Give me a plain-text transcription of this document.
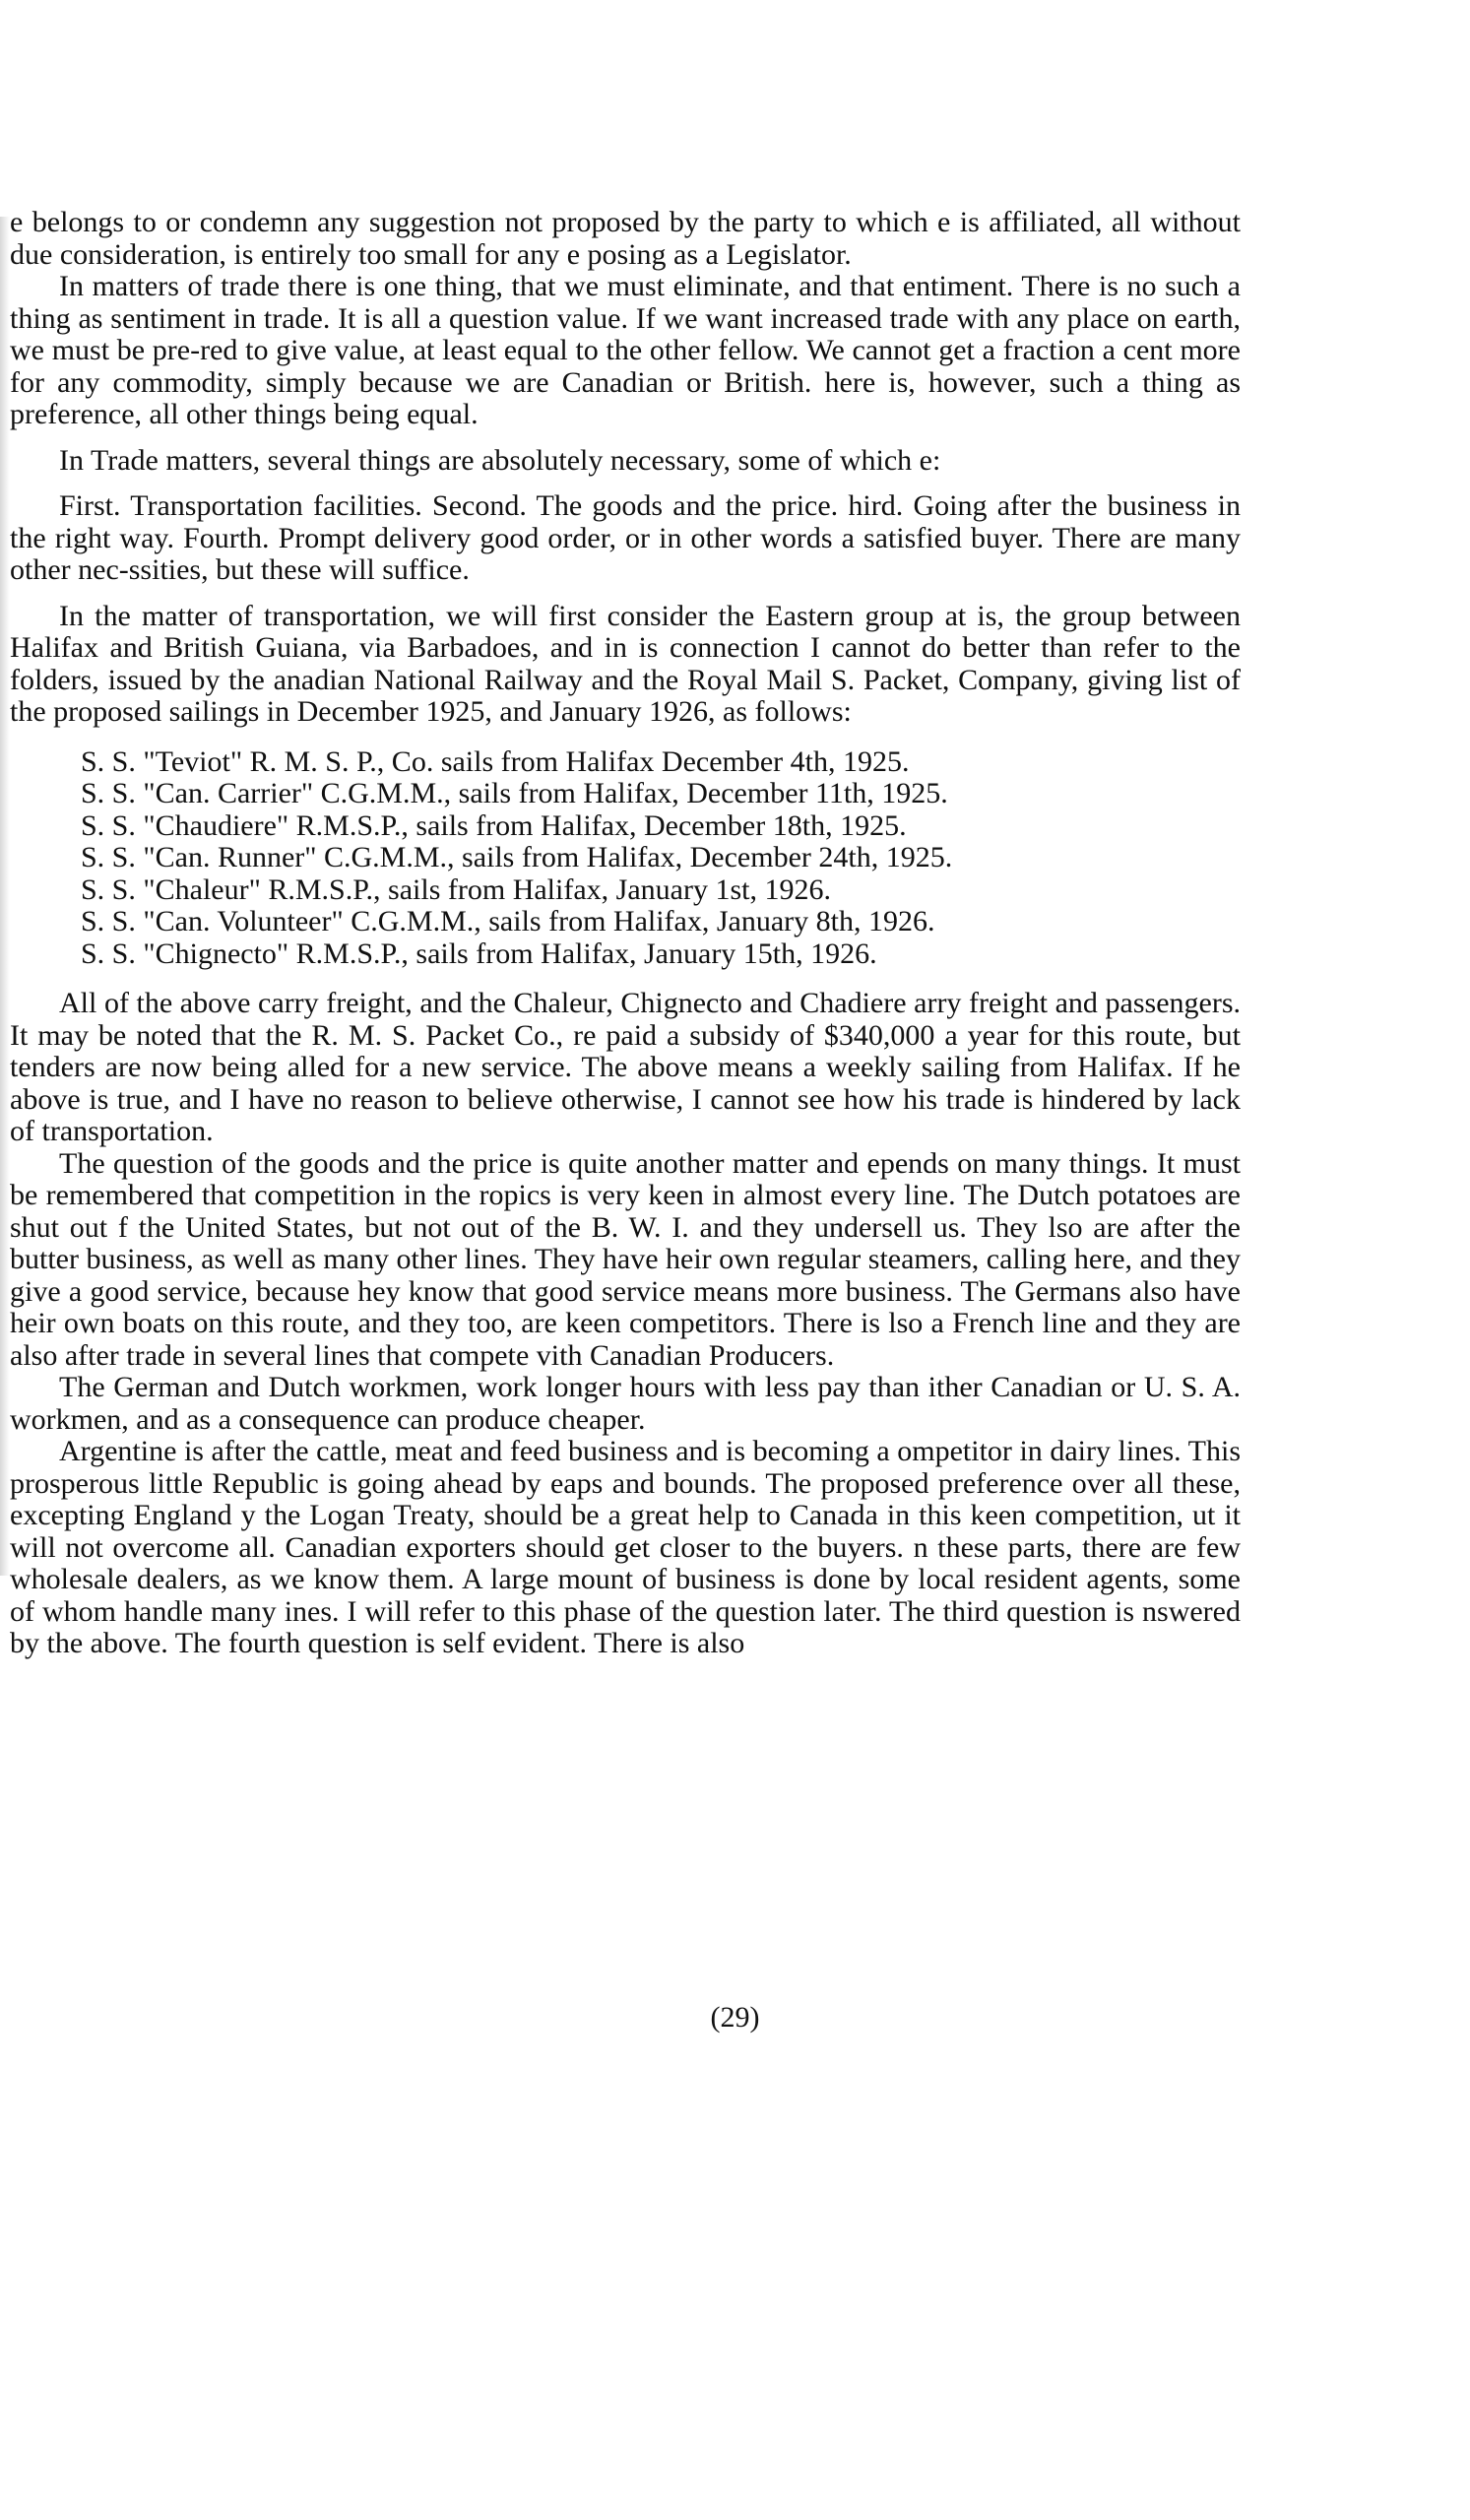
e belongs to or condemn any suggestion not proposed by the party to which e is affiliated, all without due consideration, is entirely too small for any e posing as a Legislator.

In matters of trade there is one thing, that we must eliminate, and that entiment. There is no such a thing as sentiment in trade. It is all a question value. If we want increased trade with any place on earth, we must be pre-red to give value, at least equal to the other fellow. We cannot get a fraction a cent more for any commodity, simply because we are Canadian or British. here is, however, such a thing as preference, all other things being equal.

In Trade matters, several things are absolutely necessary, some of which e:

First. Transportation facilities. Second. The goods and the price. hird. Going after the business in the right way. Fourth. Prompt delivery good order, or in other words a satisfied buyer. There are many other nec-ssities, but these will suffice.

In the matter of transportation, we will first consider the Eastern group at is, the group between Halifax and British Guiana, via Barbadoes, and in is connection I cannot do better than refer to the folders, issued by the anadian National Railway and the Royal Mail S. Packet, Company, giving list of the proposed sailings in December 1925, and January 1926, as follows:

S. S. "Teviot" R. M. S. P., Co. sails from Halifax December 4th, 1925.
S. S. "Can. Carrier" C.G.M.M., sails from Halifax, December 11th, 1925.
S. S. "Chaudiere" R.M.S.P., sails from Halifax, December 18th, 1925.
S. S. "Can. Runner" C.G.M.M., sails from Halifax, December 24th, 1925.
S. S. "Chaleur" R.M.S.P., sails from Halifax, January 1st, 1926.
S. S. "Can. Volunteer" C.G.M.M., sails from Halifax, January 8th, 1926.
S. S. "Chignecto" R.M.S.P., sails from Halifax, January 15th, 1926.

All of the above carry freight, and the Chaleur, Chignecto and Chadiere arry freight and passengers. It may be noted that the R. M. S. Packet Co., re paid a subsidy of $340,000 a year for this route, but tenders are now being alled for a new service. The above means a weekly sailing from Halifax. If he above is true, and I have no reason to believe otherwise, I cannot see how his trade is hindered by lack of transportation.

The question of the goods and the price is quite another matter and epends on many things. It must be remembered that competition in the ropics is very keen in almost every line. The Dutch potatoes are shut out f the United States, but not out of the B. W. I. and they undersell us. They lso are after the butter business, as well as many other lines. They have heir own regular steamers, calling here, and they give a good service, because hey know that good service means more business. The Germans also have heir own boats on this route, and they too, are keen competitors. There is lso a French line and they are also after trade in several lines that compete vith Canadian Producers.

The German and Dutch workmen, work longer hours with less pay than ither Canadian or U. S. A. workmen, and as a consequence can produce cheaper.

Argentine is after the cattle, meat and feed business and is becoming a ompetitor in dairy lines. This prosperous little Republic is going ahead by eaps and bounds. The proposed preference over all these, excepting England y the Logan Treaty, should be a great help to Canada in this keen competition, ut it will not overcome all. Canadian exporters should get closer to the buyers. n these parts, there are few wholesale dealers, as we know them. A large mount of business is done by local resident agents, some of whom handle many ines. I will refer to this phase of the question later. The third question is nswered by the above. The fourth question is self evident. There is also

(29)
